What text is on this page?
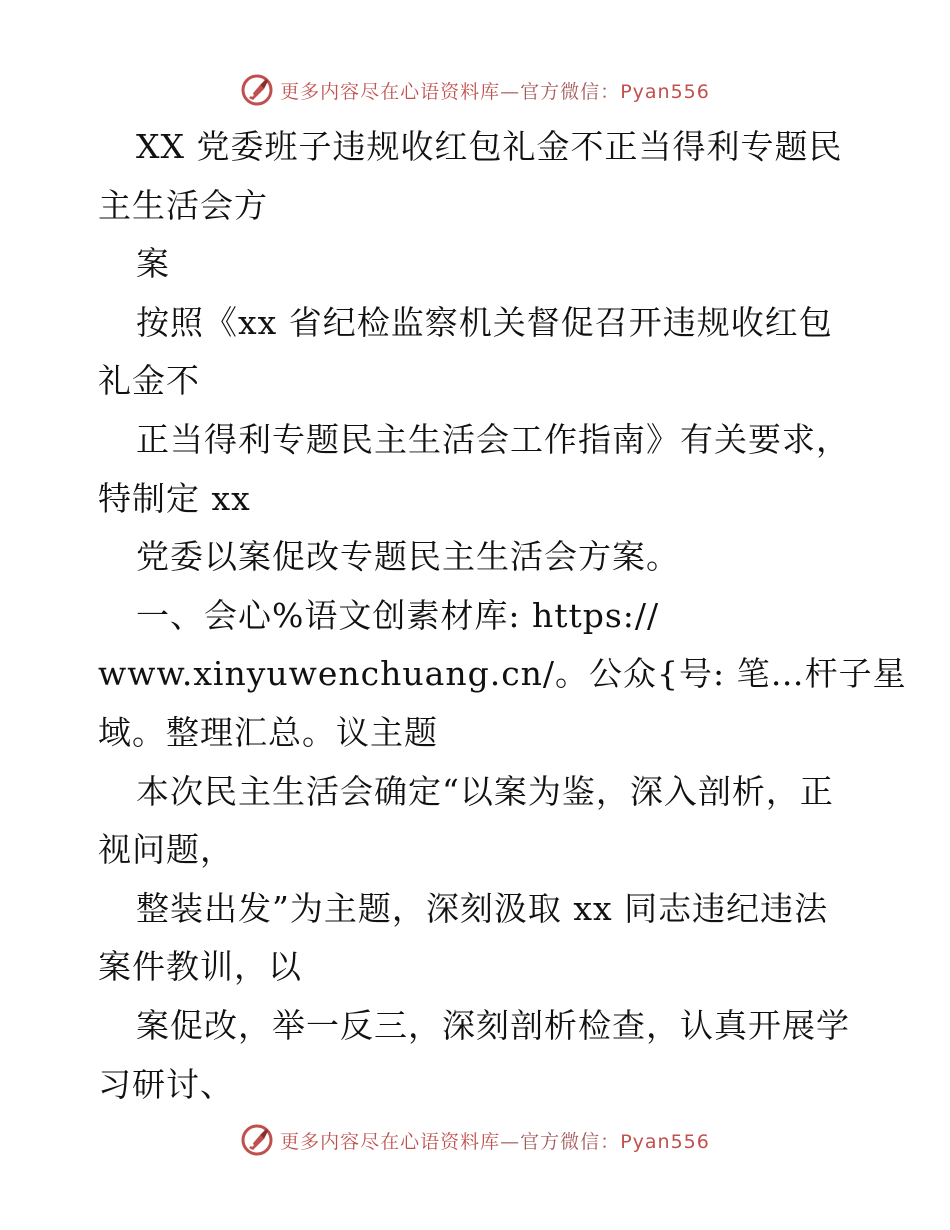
更多内容尽在心语资料库—官方微信：Pyan556
XX 党委班子违规收红包礼金不正当得利专题民
主生活会方
案
按照《xx 省纪检监察机关督促召开违规收红包
礼金不
正当得利专题民主生活会工作指南》有关要求，
特制定 xx
党委以案促改专题民主生活会方案。
一、会心%语文创素材库: https://
www.xinyuwenchuang.cn/。公众{号: 笔…杆子星
域。整理汇总。议主题
本次民主生活会确定“以案为鉴，深入剖析，正
视问题，
整装出发”为主题，深刻汲取 xx 同志违纪违法
案件教训，以
案促改，举一反三，深刻剖析检查，认真开展学
习研讨、
更多内容尽在心语资料库—官方微信：Pyan556
